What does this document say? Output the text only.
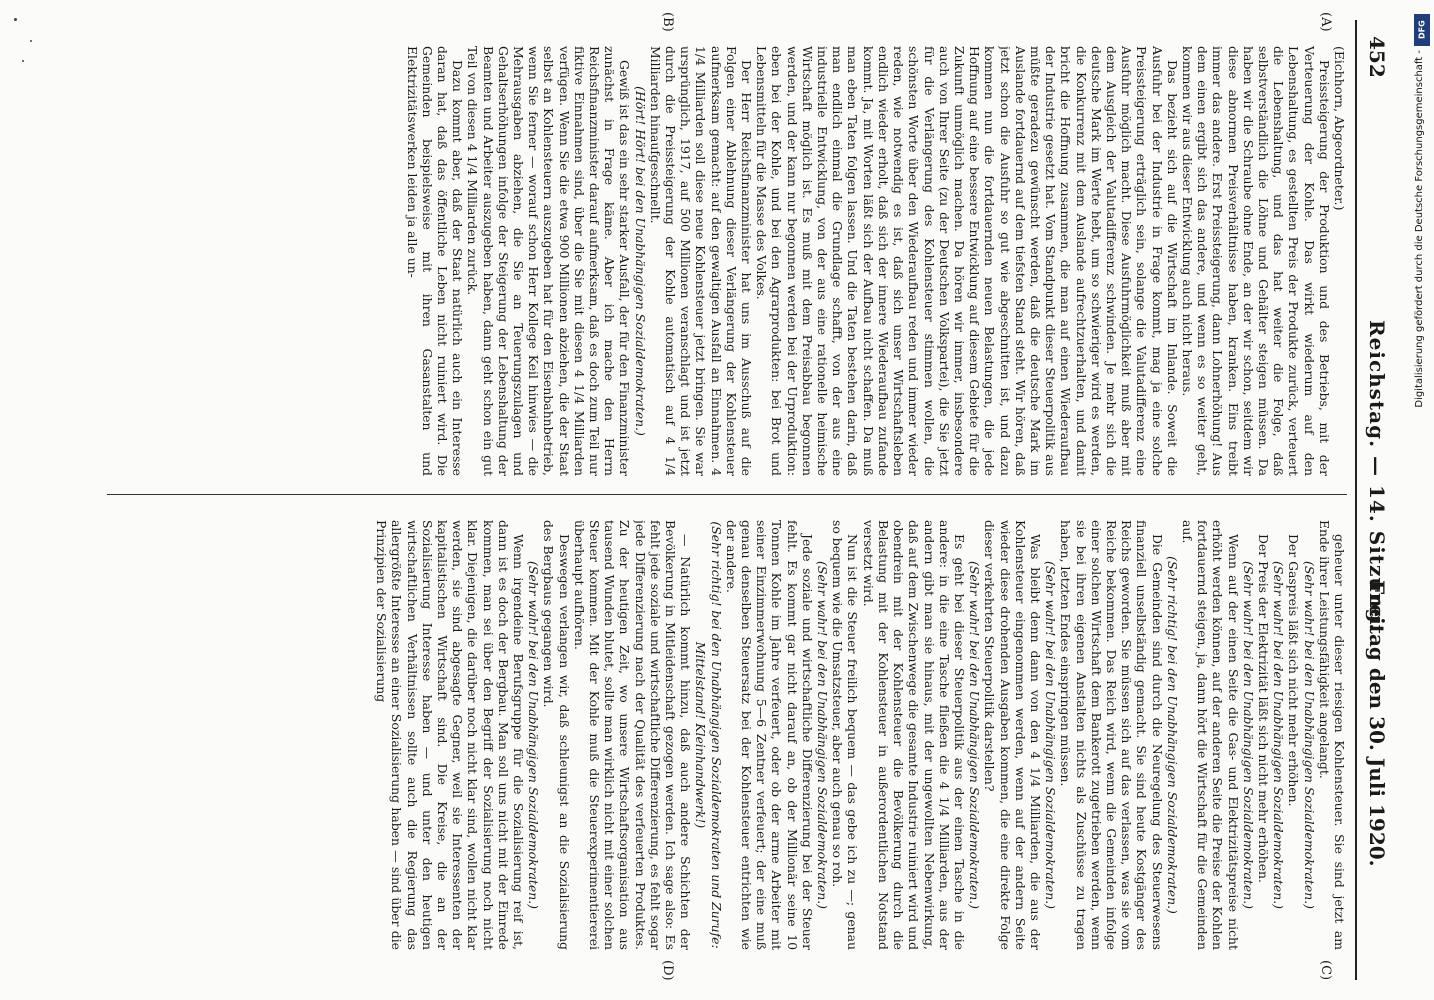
452
Reichstag. — 14. Sitzung.
Freitag den 30. Juli 1920.
(A)
(B)
(C)
(D)

(Eichhorn, Abgeordneter.)

Preissteigerung der Produktion und des Betriebs, mit der Verteuerung der Kohle. Das wirkt wiederum auf den Lebenshaltung, es gestellten Preis der Produkte zurück, verteuert die Lebenshaltung, und das hat weiter die Folge, daß selbstverständlich die Löhne und Gehälter steigen müssen. Da haben wir die Schraube ohne Ende, an der wir schon, seitdem wir diese abnormen Preisverhältnisse haben, kranken. Eins treibt immer das andere. Erst Preissteigerung, dann Lohnerhöhung! Aus dem einen ergibt sich das andere, und wenn es so weiter geht, kommen wir aus dieser Entwicklung auch nicht heraus.

Das bezieht sich auf die Wirtschaft im Inlande. Soweit die Ausfuhr bei der Industrie in Frage kommt, mag ja eine solche Preissteigerung erträglich sein, solange die Valutadifferenz eine Ausfuhr möglich macht. Diese Ausfuhrmöglichkeit muß aber mit dem Ausgleich der Valutadifferenz schwinden. Je mehr sich die deutsche Mark im Werte hebt, um so schwieriger wird es werden, die Konkurrenz mit dem Auslande aufrechtzuerhalten, und damit bricht die Hoffnung zusammen, die man auf einen Wiederaufbau der Industrie gesetzt hat. Vom Standpunkt dieser Steuerpolitik aus müßte geradezu gewünscht werden, daß die deutsche Mark im Auslande fortdauernd auf dem tiefsten Stand steht. Wir hören, daß jetzt schon die Ausfuhr so gut wie abgeschnitten ist, und dazu kommen nun die fortdauernden neuen Belastungen, die jede Hoffnung auf eine bessere Entwicklung auf diesem Gebiete für die Zukunft unmöglich machen. Da hören wir immer, insbesondere auch von Ihrer Seite (zu der Deutschen Volkspartei), die Sie jetzt für die Verlängerung des Kohlensteuer stimmen wollen, die schönsten Worte über den Wiederaufbau reden und immer wieder reden, wie notwendig es ist, daß sich unser Wirtschaftsleben endlich wieder erholt, daß sich der innere Wiederaufbau zufande kommt. Ja, mit Worten läßt sich der Aufbau nicht schaffen. Da muß man eben Taten folgen lassen. Und die Taten bestehen darin, daß man endlich einmal die Grundlage schafft, von der aus eine industrielle Entwicklung, von der aus eine rationelle heimische Wirtschaft möglich ist. Es muß mit dem Preisabbau begonnen werden, und der kann nur begonnen werden bei der Urproduktion: eben bei der Kohle, und bei den Agrarprodukten: bei Brot und Lebensmitteln für die Masse des Volkes.

Der Herr Reichsfinanzminister hat uns im Ausschuß auf die Folgen einer Ablehnung dieser Verlängerung der Kohlensteuer aufmerksam gemacht: auf den gewaltigen Ausfall an Einnahmen. 4 1/4 Milliarden soll diese neue Kohlensteuer jetzt bringen. Sie war ursprünglich, 1917, auf 500 Millionen veranschlagt und ist jetzt durch die Preissteigerung der Kohle automatisch auf 4 1/4 Milliarden hinaufgeschnellt.

(Hört! Hört! bei den Unabhängigen Sozialdemokraten.)

Gewiß ist das ein sehr starker Ausfall, der für den Finanzminister zunächst in Frage käme. Aber ich mache den Herrn Reichsfinanzminister darauf aufmerksam, daß es doch zum Teil nur fiktive Einnahmen sind, über die Sie mit diesen 4 1/4 Milliarden verfügen. Wenn Sie die etwa 900 Millionen abziehen, die der Staat selbst an Kohlensteuern auszugeben hat für den Eisenbahnbetrieb, wenn Sie ferner — worauf schon Herr Kollege Keil hinwies — die Mehrausgaben abziehen, die Sie an Teuerungszulagen und Gehaltserhöhungen infolge der Steigerung der Lebenshaltung der Beamten und Arbeiter auszugeben haben, dann geht schon ein gut Teil von diesen 4 1/4 Milliarden zurück.

Dazu kommt aber, daß der Staat natürlich auch ein Interesse daran hat, daß das öffentliche Leben nicht ruiniert wird. Die Gemeinden beispielsweise mit ihren Gasanstalten und Elektrizitätswerken leiden ja alle un-

geheuer unter dieser riesigen Kohlensteuer. Sie sind jetzt am Ende ihrer Leistungsfähigkeit angelangt.

(Sehr wahr! bei den Unabhängigen Sozialdemokraten.)

Der Gaspreis läßt sich nicht mehr erhöhen.

(Sehr wahr! bei den Unabhängigen Sozialdemokraten.)

Der Preis der Elektrizität läßt sich nicht mehr erhöhen.

(Sehr wahr! bei den Unabhängigen Sozialdemokraten.)

Wenn auf der einen Seite die Gas- und Elektrizitätspreise nicht erhöht werden können, auf der anderen Seite die Preise der Kohlen fortdauernd steigen, ja, dann hört die Wirtschaft für die Gemeinden auf.

(Sehr richtig! bei den Unabhängigen Sozialdemokraten.)

Die Gemeinden sind durch die Neuregelung des Steuerwesens finanziell unselbständig gemacht. Sie sind heute Kostgänger des Reichs geworden. Sie müssen sich auf das verlassen, was sie vom Reiche bekommen. Das Reich wird, wenn die Gemeinden infolge einer solchen Wirtschaft dem Bankerott zugetrieben werden, wenn sie bei ihren eigenen Anstalten nichts als Zuschüsse zu tragen haben, letzten Endes einspringen müssen.

(Sehr wahr! bei den Unabhängigen Sozialdemokraten.)

Was bleibt denn dann von den 4 1/4 Milliarden, die aus der Kohlensteuer eingenommen werden, wenn auf der andern Seite wieder diese drohenden Ausgaben kommen, die eine direkte Folge dieser verkehrten Steuerpolitik darstellen?

(Sehr wahr! bei den Unabhängigen Sozialdemokraten.)

Es geht bei dieser Steuerpolitik aus der einen Tasche in die andere: in die eine Tasche fließen die 4 1/4 Milliarden, aus der andern gibt man sie hinaus, mit der ungewollten Nebenwirkung, daß auf dem Zwischenwege die gesamte Industrie ruiniert wird und obendrein mit der Kohlensteuer die Bevölkerung durch die Belastung mit der Kohlensteuer in außerordentlichen Notstand versetzt wird.

Nun ist die Steuer freilich bequem — das gebe ich zu —; genau so bequem wie die Umsatzsteuer, aber auch genau so roh.

(Sehr wahr! bei den Unabhängigen Sozialdemokraten.)

Jede soziale und wirtschaftliche Differenzierung bei der Steuer fehlt. Es kommt gar nicht darauf an, ob der Millionär seine 10 Tonnen Kohle im Jahre verfeuert, oder ob der arme Arbeiter mit seiner Einzimmerwohnung 5—6 Zentner verfeuert; der eine muß genau denselben Steuersatz bei der Kohlensteuer entrichten wie der andere.

(Sehr richtig! bei den Unabhängigen Sozialdemokraten und Zurufe: Mittelstand! Kleinhandwerk!)

— Natürlich kommt hinzu, daß auch andere Schichten der Bevölkerung in Mitleidenschaft gezogen werden. Ich sage also: Es fehlt jede soziale und wirtschaftliche Differenzierung, es fehlt sogar jede Differenzierung nach der Qualität des verfeuerten Produktes. Zu der heutigen Zeit, wo unsere Wirtschaftsorganisation aus tausend Wunden blutet, sollte man wirklich nicht mit einer solchen Steuer kommen. Mit der Kohle muß die Steuerexperimentiererei überhaupt aufhören.

Deswegen verlangen wir, daß schleunigst an die Sozialisierung des Bergbaus gegangen wird.

(Sehr wahr! bei den Unabhängigen Sozialdemokraten.)

Wenn irgendeine Berufsgruppe für die Sozialisierung reif ist, dann ist es doch der Bergbau. Man soll uns nicht mit der Einrede kommen, man sei über den Begriff der Sozialisierung noch nicht klar. Diejenigen, die darüber noch nicht klar sind, wollen nicht klar werden, sie sind abgesagte Gegner, weil sie Interessenten der kapitalistischen Wirtschaft sind. Die Kreise, die an der Sozialisierung Interesse haben — und unter den heutigen wirtschaftlichen Verhältnissen sollte auch die Regierung das allergrößte Interesse an einer Sozialisierung haben — sind über die Prinzipien der Sozialisierung

DFG
Digitalisierung gefördert durch die Deutsche Forschungsgemeinschaft -
